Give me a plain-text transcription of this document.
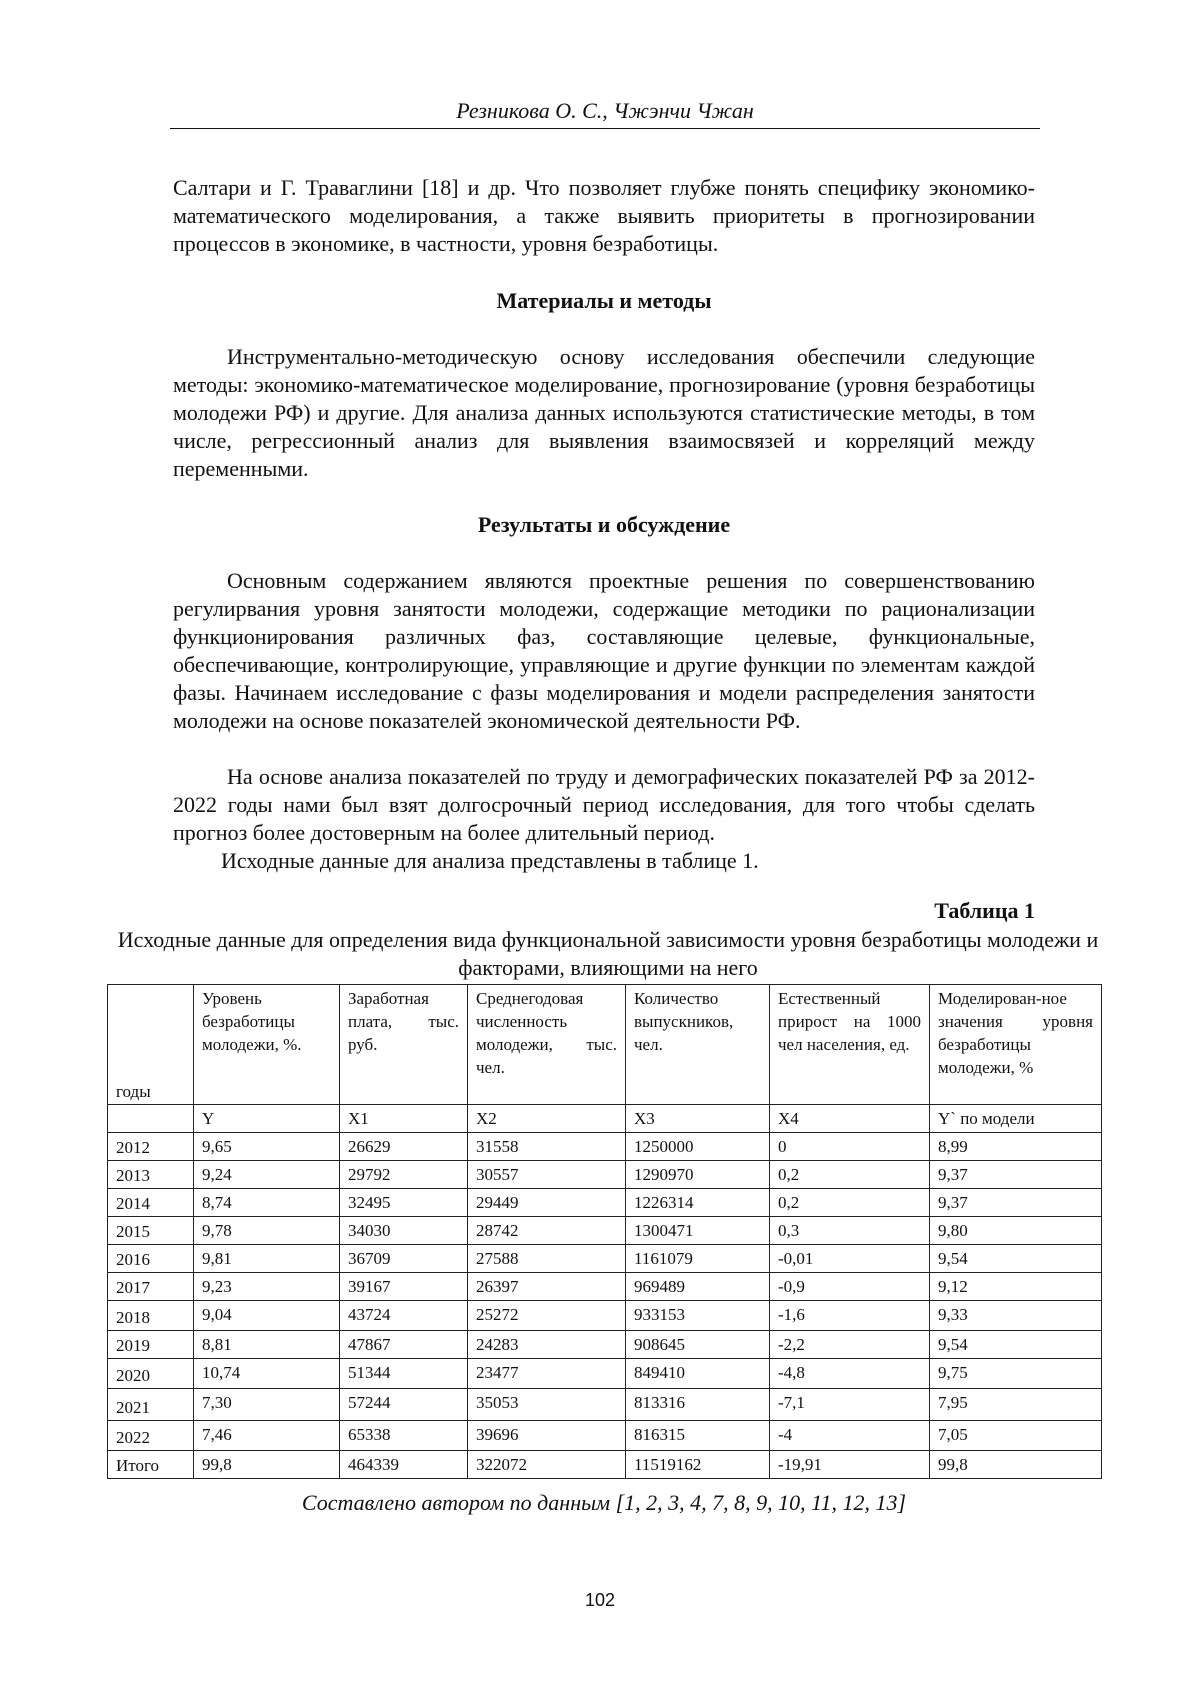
Резникова О. С., Чжэнчи Чжан
Салтари и Г. Траваглини [18] и др. Что позволяет глубже понять специфику экономико-математического моделирования, а также выявить приоритеты в прогнозировании процессов в экономике, в частности, уровня безработицы.
Материалы и методы
Инструментально-методическую основу исследования обеспечили следующие методы: экономико-математическое моделирование, прогнозирование (уровня безработицы молодежи РФ) и другие. Для анализа данных используются статистические методы, в том числе, регрессионный анализ для выявления взаимосвязей и корреляций между переменными.
Результаты и обсуждение
Основным содержанием являются проектные решения по совершенствованию регулирвания уровня занятости молодежи, содержащие методики по рационализации функционирования различных фаз, составляющие целевые, функциональные, обеспечивающие, контролирующие, управляющие и другие функции по элементам каждой фазы. Начинаем исследование с фазы моделирования и модели распределения занятости молодежи на основе показателей экономической деятельности РФ.
На основе анализа показателей по труду и демографических показателей РФ за 2012-2022 годы нами был взят долгосрочный период исследования, для того чтобы сделать прогноз более достоверным на более длительный период.
Исходные данные для анализа представлены в таблице 1.
Таблица 1
Исходные данные для определения вида функциональной зависимости уровня безработицы молодежи и факторами, влияющими на него
годы	Уровень безработицы молодежи, %.	Заработная плата, тыс. руб.	Среднегодовая численность молодежи, тыс. чел.	Количество выпускников, чел.	Естественный прирост на 1000 чел населения, ед.	Моделирован-ное значения уровня безработицы молодежи, %
	Y	X1	X2	X3	X4	Y` по модели
2012	9,65	26629	31558	1250000	0	8,99
2013	9,24	29792	30557	1290970	0,2	9,37
2014	8,74	32495	29449	1226314	0,2	9,37
2015	9,78	34030	28742	1300471	0,3	9,80
2016	9,81	36709	27588	1161079	-0,01	9,54
2017	9,23	39167	26397	969489	-0,9	9,12
2018	9,04	43724	25272	933153	-1,6	9,33
2019	8,81	47867	24283	908645	-2,2	9,54
2020	10,74	51344	23477	849410	-4,8	9,75
2021	7,30	57244	35053	813316	-7,1	7,95
2022	7,46	65338	39696	816315	-4	7,05
Итого	99,8	464339	322072	11519162	-19,91	99,8
Составлено автором по данным [1, 2, 3, 4, 7, 8, 9, 10, 11, 12, 13]
102
